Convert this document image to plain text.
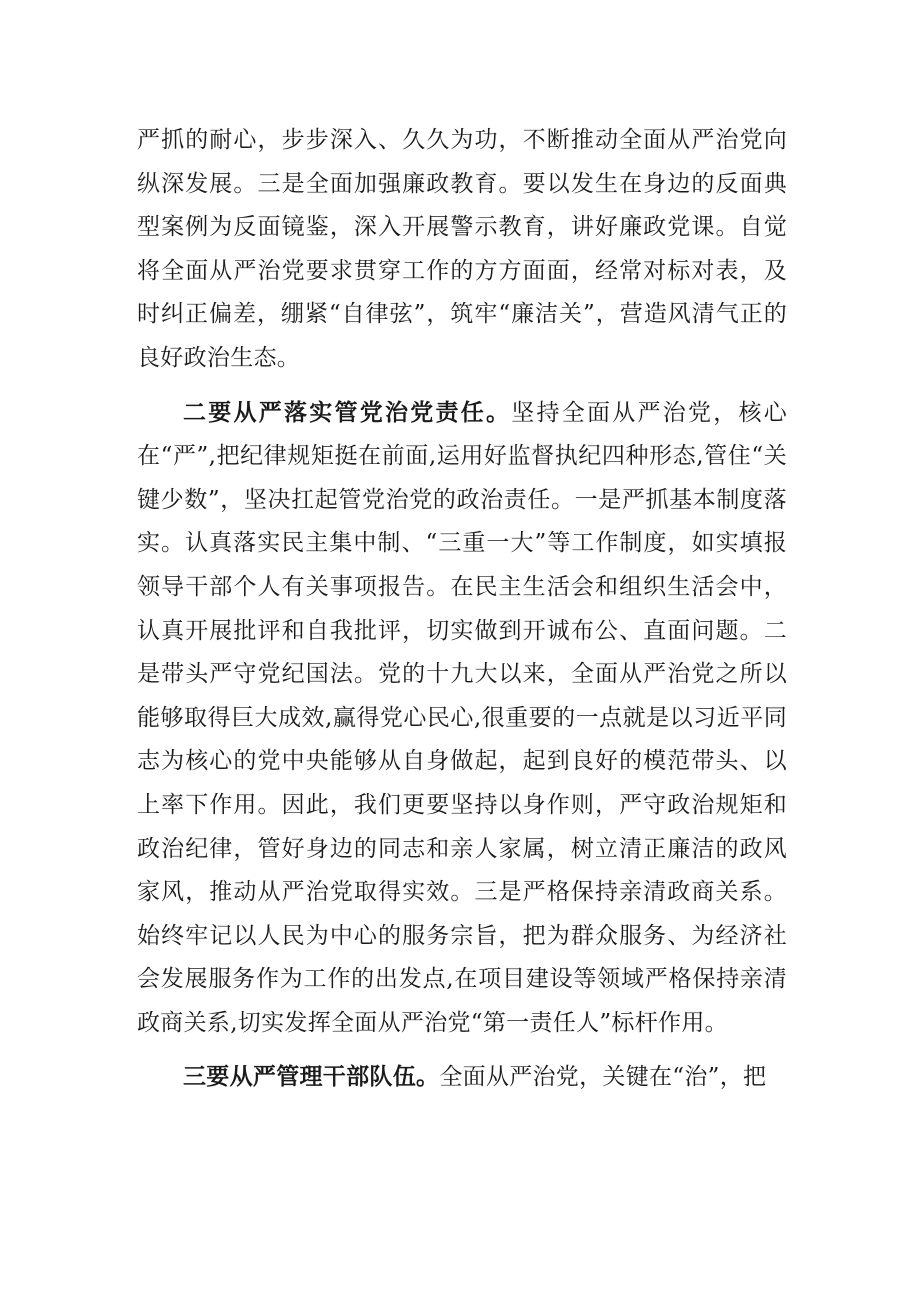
严抓的耐心，步步深入、久久为功，不断推动全面从严治党向纵深发展。三是全面加强廉政教育。要以发生在身边的反面典型案例为反面镜鉴，深入开展警示教育，讲好廉政党课。自觉将全面从严治党要求贯穿工作的方方面面，经常对标对表，及时纠正偏差，绷紧“自律弦”，筑牢“廉洁关”，营造风清气正的良好政治生态。

二要从严落实管党治党责任。坚持全面从严治党，核心在“严”,把纪律规矩挺在前面,运用好监督执纪四种形态,管住“关键少数”，坚决扛起管党治党的政治责任。一是严抓基本制度落实。认真落实民主集中制、“三重一大”等工作制度，如实填报领导干部个人有关事项报告。在民主生活会和组织生活会中，认真开展批评和自我批评，切实做到开诚布公、直面问题。二是带头严守党纪国法。党的十九大以来，全面从严治党之所以能够取得巨大成效,赢得党心民心,很重要的一点就是以习近平同志为核心的党中央能够从自身做起，起到良好的模范带头、以上率下作用。因此，我们更要坚持以身作则，严守政治规矩和政治纪律，管好身边的同志和亲人家属，树立清正廉洁的政风家风，推动从严治党取得实效。三是严格保持亲清政商关系。始终牢记以人民为中心的服务宗旨，把为群众服务、为经济社会发展服务作为工作的出发点,在项目建设等领域严格保持亲清政商关系,切实发挥全面从严治党“第一责任人”标杆作用。

三要从严管理干部队伍。全面从严治党，关键在“治”，把
